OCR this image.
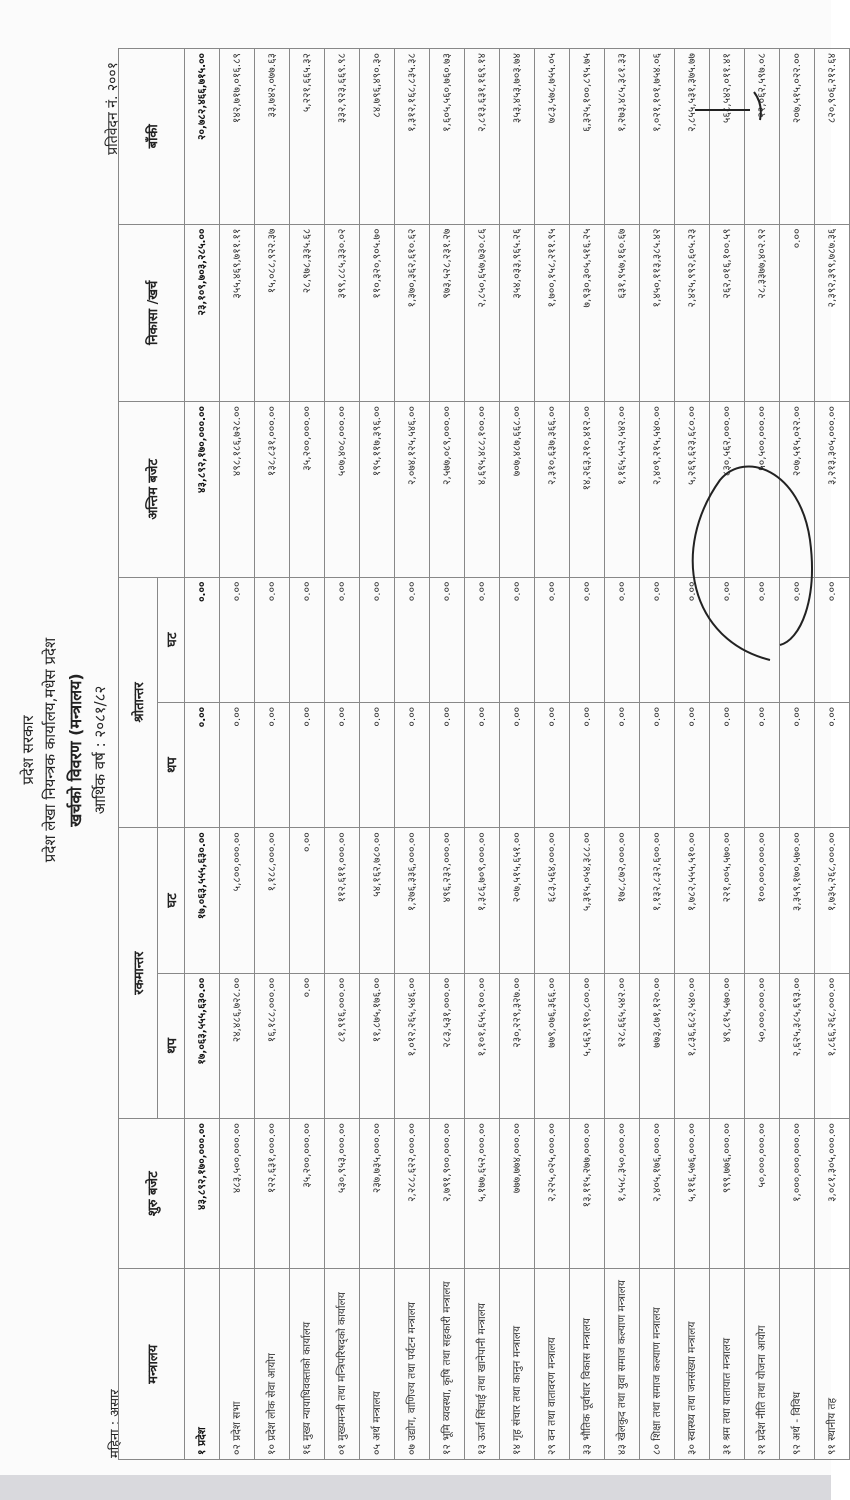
प्रदेश सरकार प्रदेश लेखा नियन्त्रक कार्यालय,मधेस प्रदेश खर्चको विवरण (मन्त्रालय) आर्थिक वर्ष : २०८१/८२
महिना : असार
प्रतिवेदन नं. २००१
मन्त्रालय	शुरु बजेट	रकमान्तर		श्रोतान्तर		अन्तिम बजेट	निकासा /खर्च	बाँकी
		थप	घट	थप	घट			

१ प्रदेश	४३,८९२,१७०,०००.००	१७,०६३,५५५,६३०.००	१७,०६३,५५५,६३०.००	०.००	०.००	४३,८९२,१७०,०००.००	२३,१०९,७०३,२८५.००	२०,७८२,४६६,७१५.००
०२ प्रदेश सभा	४८३,५००,०००.००	२४,४८६,७२८.००	५,८००,०००.००	०.००	०.००	४९८,१८६,७२८.००	३५५,४६९,७११.११	१४२,७१७,०१६.८९
१० प्रदेश लोक सेवा आयोग	१२२,६३१,०००.००	१६,१८८,०००.००	१,१८८,०००.००	०.००	०.००	१३८,८३१,०००.००	१५,०८८,९२२.३७	३३,७४२,०७७.६३
१६ मुख्य न्यायाधिवक्ताको कार्यालय	३५,२००,०००.००	०.००	०.००	०.००	०.००	३५,२००,०००.००	२८,९७८,३३५.६८	५,२२१,६६५.३२
०१ मुख्यमन्त्री तथा मन्त्रिपरिषद्को कार्यालय	५३०,९५३,०००.००	८१,९१६,०००.००	११२,६११,०००.००	०.००	०.००	५०७,४०८,०००.००	३९९,८८५,३३०.०२	३३२,९२३,६६९.९८
०५ अर्थ मन्त्रालय	२३७,७३५,०००.००	११,८७५,१७६.००	५४,१६२,७८०.००	०.००	०.००	१९५,११७,३९६.००	११०,३२०,९०५.७०	८४,७९६,४९०.३०
०७ उद्योग, वाणिज्य तथा पर्यटन मन्त्रालय	२,२८८,६२२,०००.००	१,०१२,२६५,५४६.००	१,२७६,३३६,०००.००	०.००	०.००	२,०७४,१२५,५४६.००	१,३७०,३६२,६१०.६२	१,३१२,१६८,८३५.३८
१२ भूमि व्यवस्था, कृषि तथा सहकारी मन्त्रालय	२,७९१,९००,०००.००	२८३,५३१,०००.००	४९६,२३२,०००.००	०.००	०.००	२,५७७,०८९,०००.००	९७३,५२८,२३१.२७	१,६०५,५६०,७६०.७३
१३ ऊर्जा सिंचाई तथा खानेपानी मन्त्रालय	५,१७७,६५२,०००.००	१,१०१,६५५,१००.००	१,३८६,७०९,०००.००	०.००	०.००	४,६९५,४८८,१००.००	२,८५०,६५७,७३०.८६	२,८१३,६३१,१६९.१४
१४ गृह संचार तथा कानुन मन्त्रालय	७७७,७७४,०००.००	२३०,२२९,३२७.००	२०७,५१५,६५१.००	०.००	०.००	७०७,४८७,६६८.००	३५४,०३३,९६५.२६	३५३,४५३,७०३.७४
२९ वन तथा वातावरण मन्त्रालय	२,२२५,०२५,०००.००	७७९,०७६,३६६.००	६८३,५६४,०००.००	०.००	०.००	२,३१०,६३७,३६६.००	१,७००,१५८,२११.९५	७८३,५७८,७५५.०५
३३ भौतिक पूर्वाधार विकास मन्त्रालय	१३,११५,२७७,०००.००	५,५६२,९१०,८००.००	५,३१५,०५४,३८८.००	०.००	०.००	१४,२६३,२१०,४१२.००	७,९३०,३०५,५१६.२५	६,३२५,१००,८९५.७५
४३ खेलकुद तथा युवा समाज कल्याण मन्त्रालय	१,५५८,३५०,०००.००	१२८,६६५,५४२.००	१७८,८७२,०००.००	०.००	०.००	१,१६५,५५२,५४२.००	६३१,९५७,१६०.६७	१,२७३,४८५,३८१.३३
८० शिक्षा तथा समाज कल्याण मन्त्रालय	२,४०५,१७६,०००.००	७७३,८७१,१२०.००	१,१३२,८३२,६००.००	०.००	०.००	२,४०९,२१५,५४०.००	१,४५०,११३,३८५.४२	१,०२१,१०१,७५४.०६
३० स्वास्थ्य तथा जनसंख्या मन्त्रालय	५,११६,५७६,०००.००	१,८३६,६८२,५४०.००	१,७८२,५५५,५१०.००	०.००	०.००	५,२६९,६२३,६८०.००	२,४२५,९९२,६०५.२३	२,८५५,५३१,३७५.७७
३१ श्रम तथा यातायात मन्त्रालय	९९९,७७६,०००.००	४९,८१५,५७०.००	२२१,००५,५७०.००	०.००	०.००	८३०,५६२,०००.००	२६२,०१६,१००.५९	५६८,५४२,०११.४१
२१ प्रदेश नीति तथा योजना आयोग	५०,०००,०००.००	५०,०००,०००.००	१००,०००,०००.००	०.००	०.००	५०,५००,०००.००	२८,३३७७,४०२.९२	२२,०६२,५९७.०८
९२ अर्थ - विविध	१,०००,०००,०००.००	२,६२५,३८५,६९३.००	३,३५९,१७०,५७०.००	०.००	०.००	२०७,५१५,०२२.००	०.००	२०७,५१५,०२२.००
९१ स्थानीय तह	३,०८१,३०५,०००.००	१,८६६,२६८,०००.००	१,७३५,२६८,०००.००	०.००	०.००	३,२१३,३०५,०००.००	२,३९२,३९९,७८७.३६	८२०,९०६,२१२.६४
